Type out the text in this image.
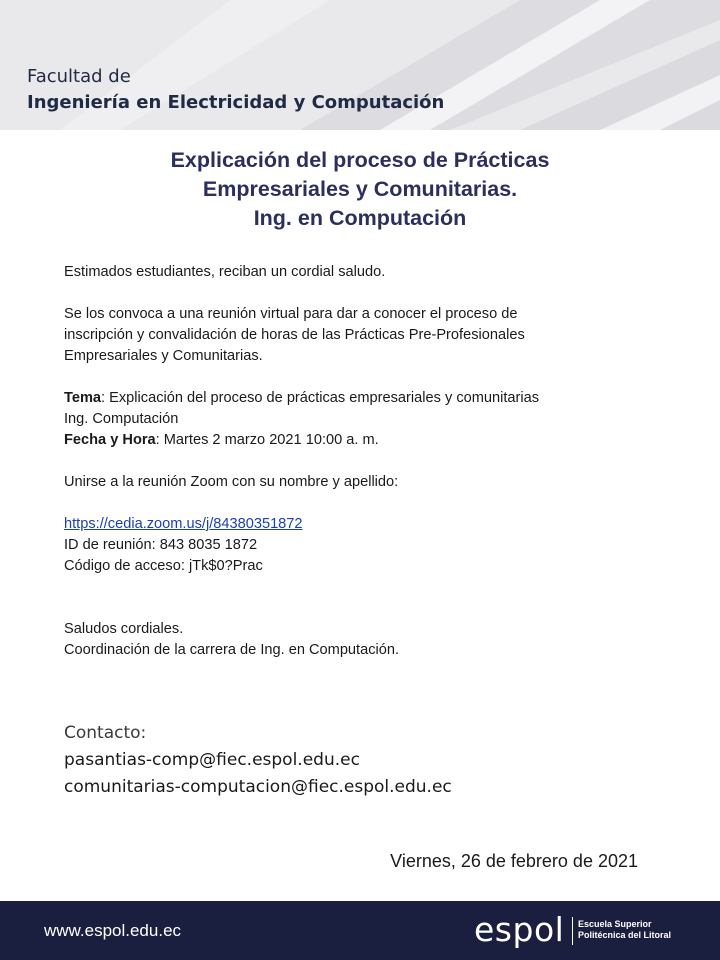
Facultad de
Ingeniería en Electricidad y Computación
Explicación del proceso de Prácticas
Empresariales y Comunitarias.
Ing. en Computación

Estimados estudiantes, reciban un cordial saludo.

Se los convoca a una reunión virtual para dar a conocer el proceso de
inscripción y convalidación de horas de las Prácticas Pre-Profesionales
Empresariales y Comunitarias.

Tema: Explicación del proceso de prácticas empresariales y comunitarias
Ing. Computación
Fecha y Hora: Martes 2 marzo 2021 10:00 a. m.

Unirse a la reunión Zoom con su nombre y apellido:

https://cedia.zoom.us/j/84380351872
ID de reunión: 843 8035 1872
Código de acceso: jTk$0?Prac

Saludos cordiales.
Coordinación de la carrera de Ing. en Computación.

Contacto:
pasantias-comp@fiec.espol.edu.ec
comunitarias-computacion@fiec.espol.edu.ec
Viernes, 26 de febrero de 2021
www.espol.edu.ec	espol Escuela Superior
Politécnica del Litoral
